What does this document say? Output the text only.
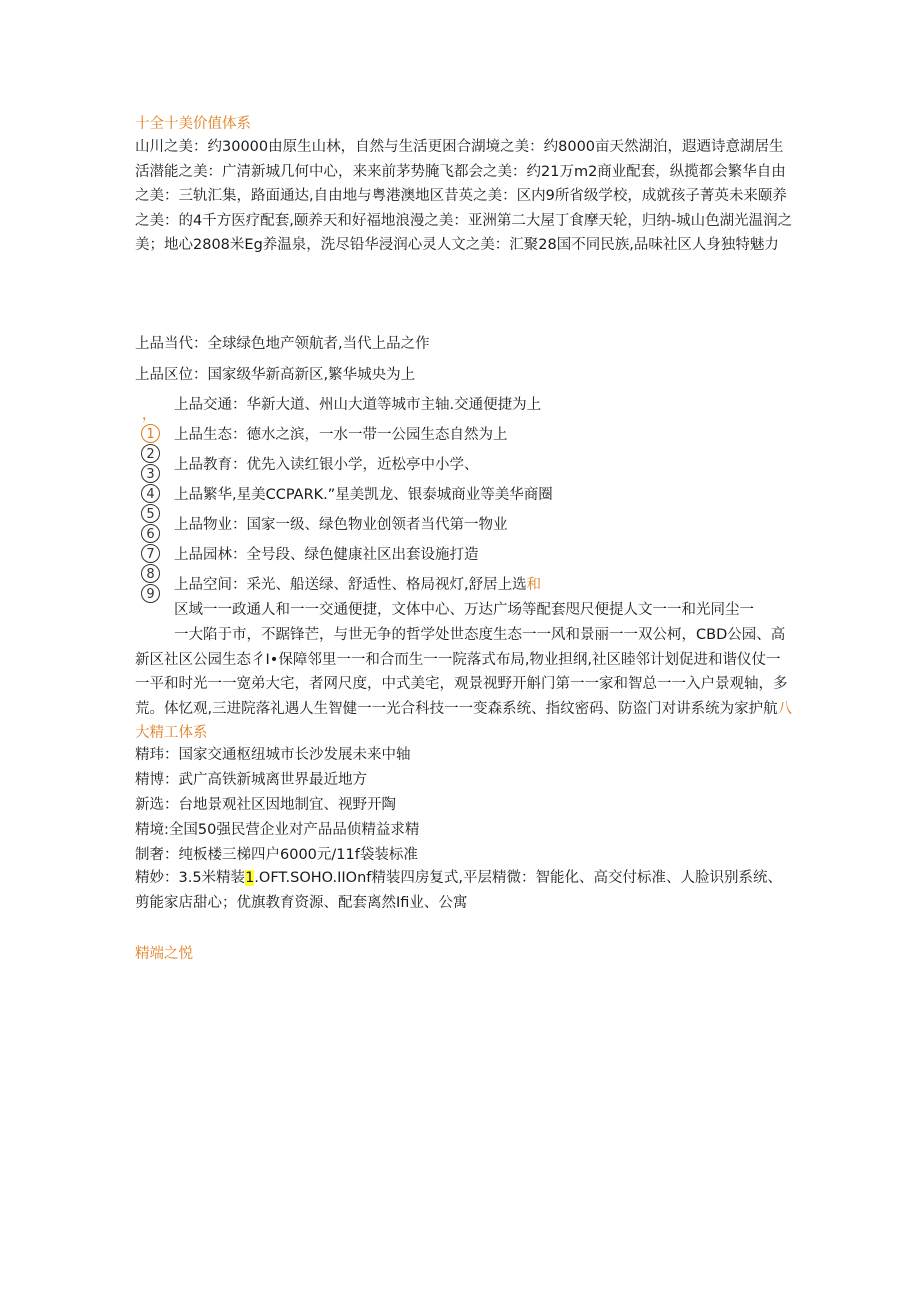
十全十美价值体系
山川之美：约30000由原生山林，自然与生活更困合湖境之美：约8000亩天然湖泊，遐迺诗意湖居生活潜能之美：广清新城几何中心，来来前茅势腌飞都会之美：约21万m2商业配套，纵揽都会繁华自由之美：三轨汇集，路面通达,自由地与粤港澳地区昔英之美：区内9所省级学校，成就孩子菁英未来颐养之美：的4千方医疗配套,颐养天和好福地浪漫之美：亚洲第二大屋丁食摩天轮，归纳-城山色湖光温润之美；地心2808米Eg养温泉，洗尽铅华浸润心灵人文之美：汇聚28国不同民族,品味社区人身独特魅力
上品当代：全球绿色地产领航者,当代上品之作
上品区位：国家级华新高新区,繁华城央为上
，
1
2
3
4
5
6
7
8
9
上品交通：华新大道、州山大道等城市主轴.交通便捷为上
上品生态：德水之滨，一水一带一公园生态自然为上
上品教育：优先入读红银小学，近松亭中小学、
上品繁华,星美CCPARK.”星美凯龙、银泰城商业等美华商圈
上品物业：国家一级、绿色物业创领者当代第一物业
上品园林：全号段、绿色健康社区出套设施打造
上品空间：采光、船送绿、舒适性、格局视灯,舒居上选和
区域一一政通人和一一交通便捷，文体中心、万达广场等配套咫尺便提人文一一和光同尘一
一大陷于市，不踞锋芒，与世无争的哲学处世态度生态一一风和景丽一一双公柯，CBD公园、高新区社区公园生态彳I•保障邻里一一和合而生一一院落式布局,物业担纲,社区睦邻计划促进和谐仪仗一一平和时光一一宽弟大宅，者网尺度，中式美宅，观景视野开斛门第一一家和智总一一入户景观轴，多荒。体忆观,三进院落礼遇人生智健一一光合科技一一变森系统、指纹密码、防盗门对讲系统为家护航八大精工体系
精玮：国家交通枢纽城市长沙发展未来中轴
精博：武广高铁新城离世界最近地方
新选：台地景观社区因地制宜、视野开陶
精境:全国50强民营企业对产品品侦精益求精
制奢：纯板楼三梯四户6000元/11f袋装标准
精妙：3.5米精装1.OFT.SOHO.IIOnf精装四房复式,平层精微：智能化、高交付标准、人脸识别系统、剪能家店甜心；优旗教育资源、配套离然Ifi业、公寓
精端之悦
